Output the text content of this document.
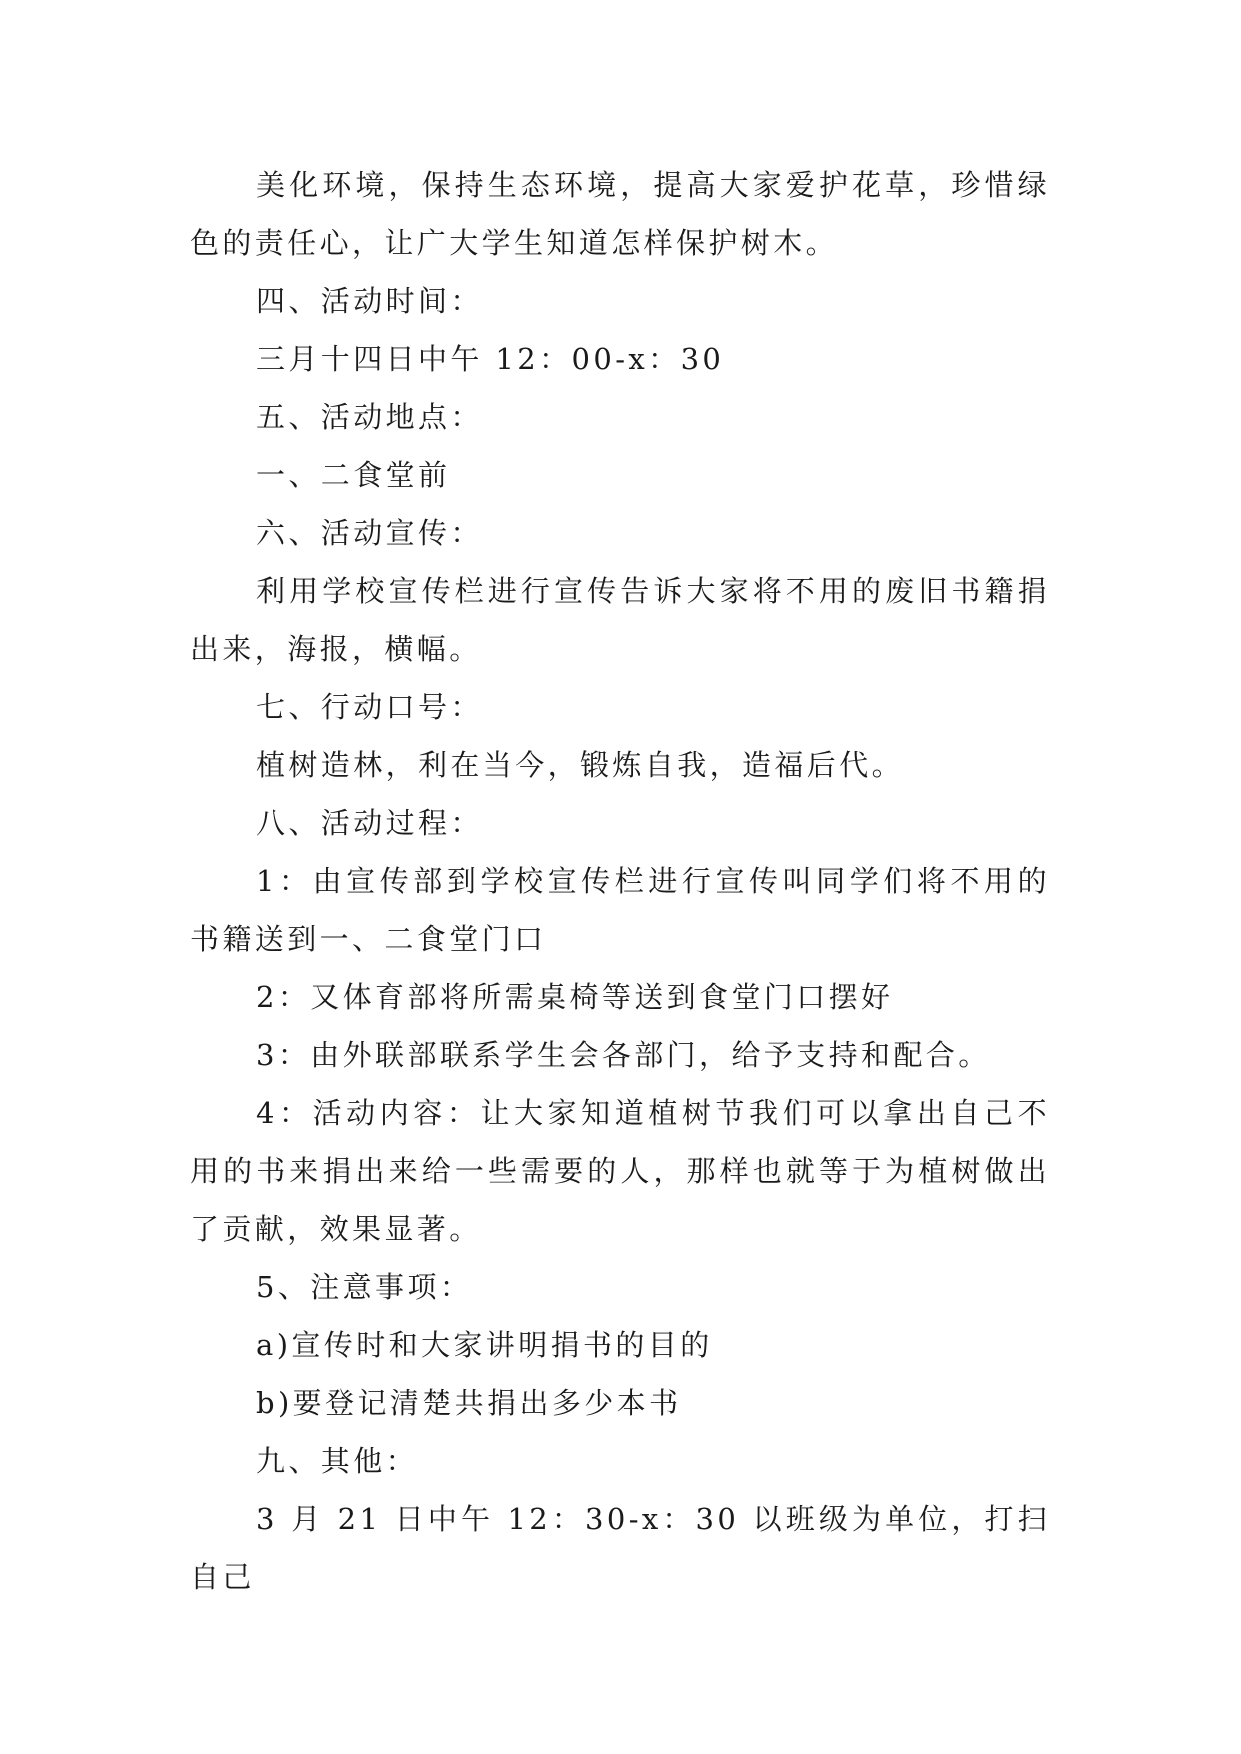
美化环境，保持生态环境，提高大家爱护花草，珍惜绿色的责任心，让广大学生知道怎样保护树木。

四、活动时间：

三月十四日中午 12：00-x：30

五、活动地点：

一、二食堂前

六、活动宣传：

利用学校宣传栏进行宣传告诉大家将不用的废旧书籍捐出来，海报，横幅。

七、行动口号：

植树造林，利在当今，锻炼自我，造福后代。

八、活动过程：

1：由宣传部到学校宣传栏进行宣传叫同学们将不用的书籍送到一、二食堂门口

2：又体育部将所需桌椅等送到食堂门口摆好

3：由外联部联系学生会各部门，给予支持和配合。

4：活动内容：让大家知道植树节我们可以拿出自己不用的书来捐出来给一些需要的人，那样也就等于为植树做出了贡献，效果显著。

5、注意事项：

a)宣传时和大家讲明捐书的目的

b)要登记清楚共捐出多少本书

九、其他：

3 月 21 日中午 12：30-x：30 以班级为单位，打扫自己
